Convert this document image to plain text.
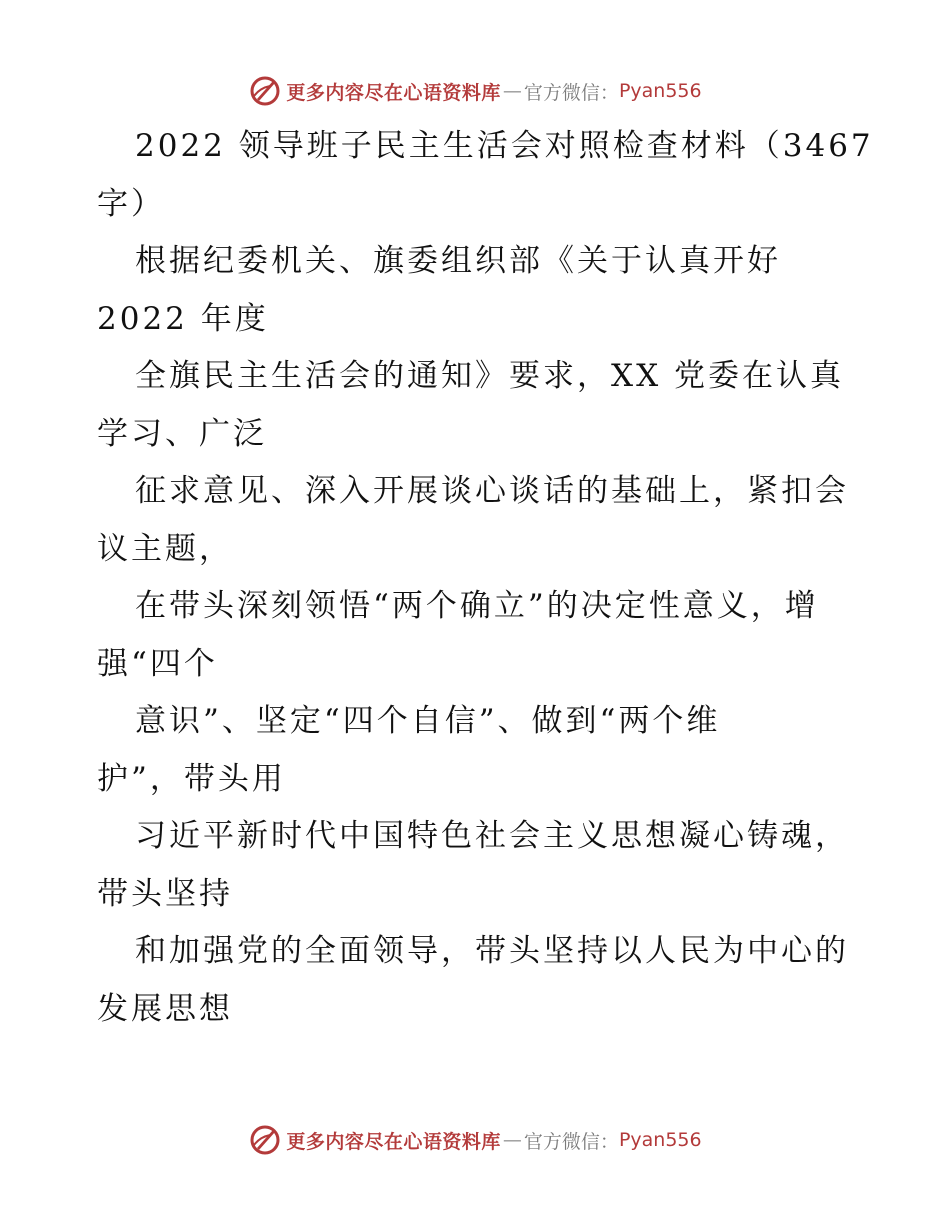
更多内容尽在心语资料库 — 官方微信： Pyan556
2022 领导班子民主生活会对照检查材料（3467
字）
根据纪委机关、旗委组织部《关于认真开好
2022 年度
全旗民主生活会的通知》要求，XX 党委在认真
学习、广泛
征求意见、深入开展谈心谈话的基础上，紧扣会
议主题，
在带头深刻领悟“两个确立”的决定性意义，增
强“四个
意识”、坚定“四个自信”、做到“两个维
护”，带头用
习近平新时代中国特色社会主义思想凝心铸魂，
带头坚持
和加强党的全面领导，带头坚持以人民为中心的
发展思想
更多内容尽在心语资料库 — 官方微信： Pyan556
